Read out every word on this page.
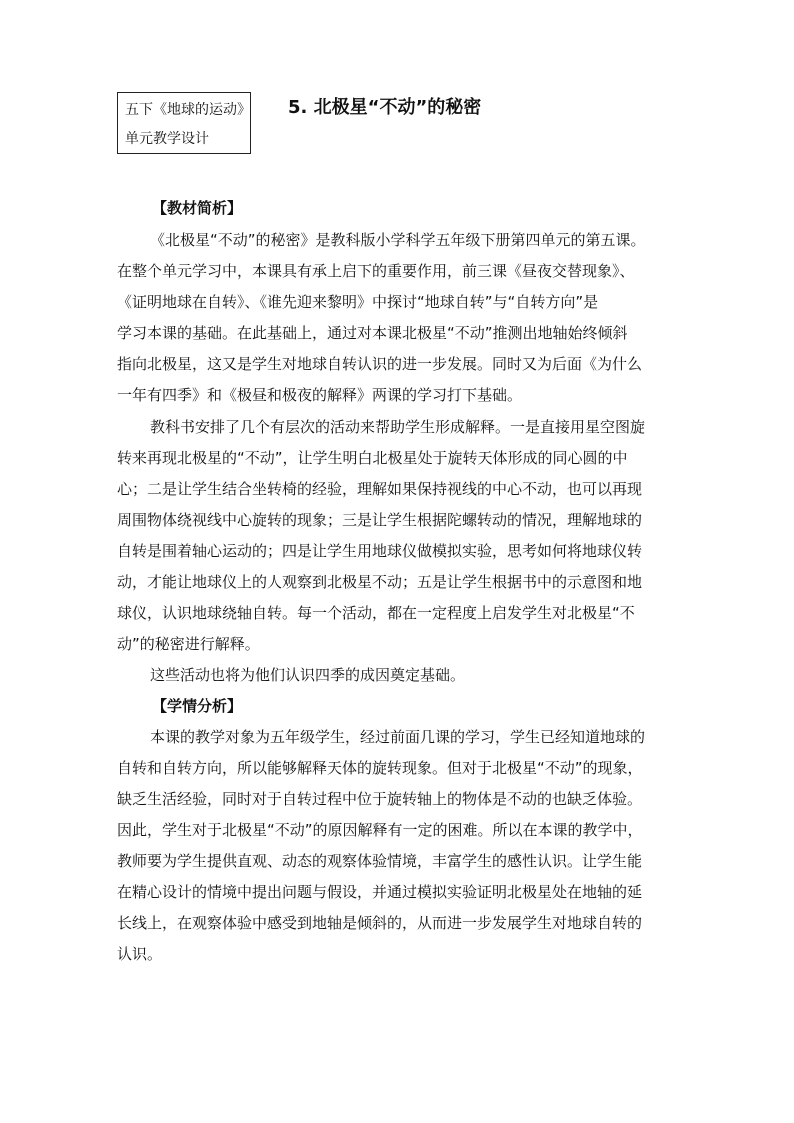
五下《地球的运动》
单元教学设计
5. 北极星“不动”的秘密
【教材简析】
《北极星“不动”的秘密》是教科版小学科学五年级下册第四单元的第五课。
在整个单元学习中，本课具有承上启下的重要作用，前三课《昼夜交替现象》、
《证明地球在自转》、《谁先迎来黎明》中探讨“地球自转”与“自转方向”是
学习本课的基础。在此基础上，通过对本课北极星“不动”推测出地轴始终倾斜
指向北极星，这又是学生对地球自转认识的进一步发展。同时又为后面《为什么
一年有四季》和《极昼和极夜的解释》两课的学习打下基础。
教科书安排了几个有层次的活动来帮助学生形成解释。一是直接用星空图旋
转来再现北极星的“不动”，让学生明白北极星处于旋转天体形成的同心圆的中
心；二是让学生结合坐转椅的经验，理解如果保持视线的中心不动，也可以再现
周围物体绕视线中心旋转的现象；三是让学生根据陀螺转动的情况，理解地球的
自转是围着轴心运动的；四是让学生用地球仪做模拟实验，思考如何将地球仪转
动，才能让地球仪上的人观察到北极星不动；五是让学生根据书中的示意图和地
球仪，认识地球绕轴自转。每一个活动，都在一定程度上启发学生对北极星“不
动”的秘密进行解释。
这些活动也将为他们认识四季的成因奠定基础。
【学情分析】
本课的教学对象为五年级学生，经过前面几课的学习，学生已经知道地球的
自转和自转方向，所以能够解释天体的旋转现象。但对于北极星“不动”的现象，
缺乏生活经验，同时对于自转过程中位于旋转轴上的物体是不动的也缺乏体验。
因此，学生对于北极星“不动”的原因解释有一定的困难。所以在本课的教学中，
教师要为学生提供直观、动态的观察体验情境，丰富学生的感性认识。让学生能
在精心设计的情境中提出问题与假设，并通过模拟实验证明北极星处在地轴的延
长线上，在观察体验中感受到地轴是倾斜的，从而进一步发展学生对地球自转的
认识。
